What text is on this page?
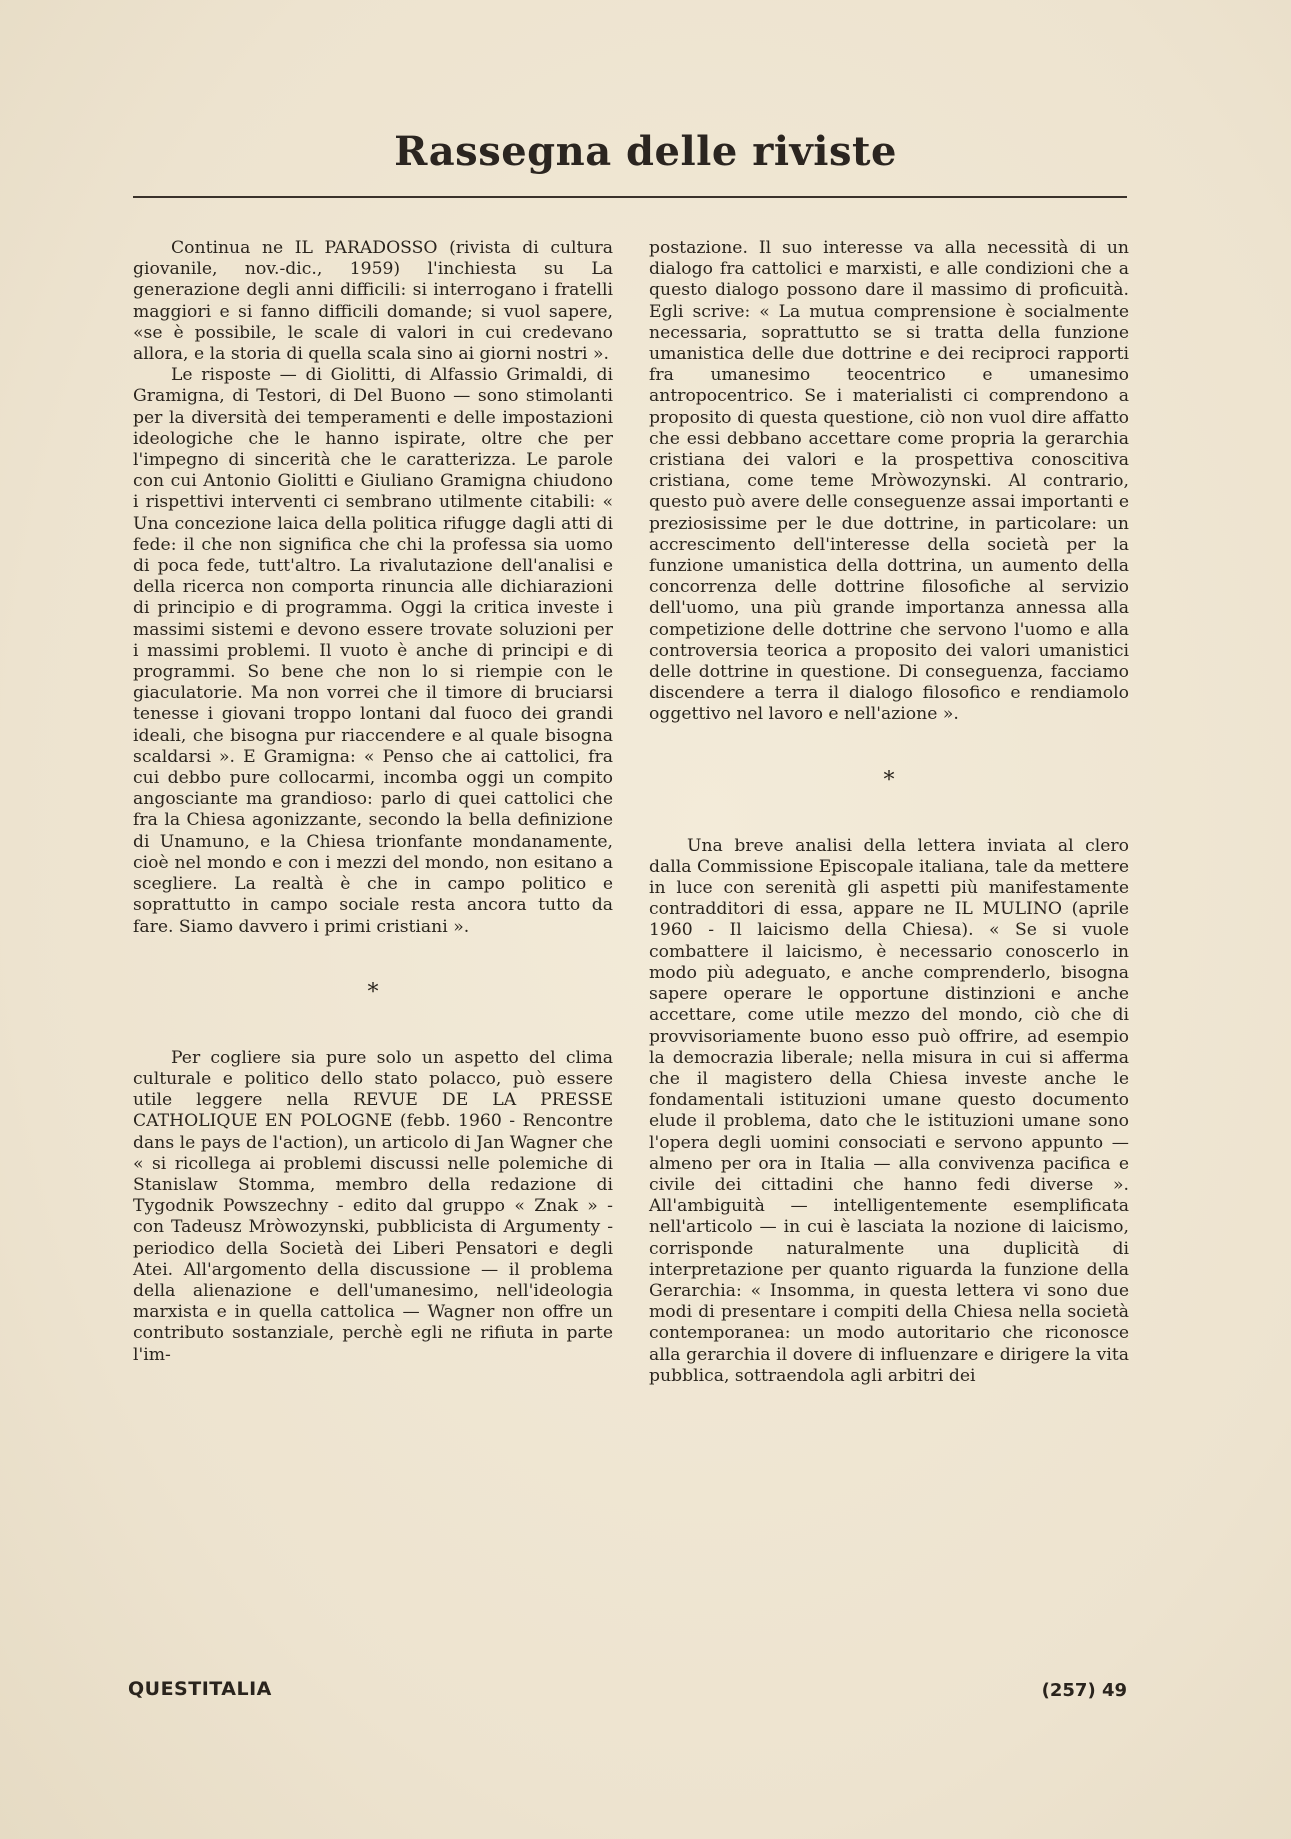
Rassegna delle riviste

Continua ne IL PARADOSSO (rivista di cultura giovanile, nov.-dic., 1959) l'inchiesta su La generazione degli anni difficili: si interrogano i fratelli maggiori e si fanno difficili domande; si vuol sapere, «se è possibile, le scale di valori in cui credevano allora, e la storia di quella scala sino ai giorni nostri ».

Le risposte — di Giolitti, di Alfassio Grimaldi, di Gramigna, di Testori, di Del Buono — sono stimolanti per la diversità dei temperamenti e delle impostazioni ideologiche che le hanno ispirate, oltre che per l'impegno di sincerità che le caratterizza. Le parole con cui Antonio Giolitti e Giuliano Gramigna chiudono i rispettivi interventi ci sembrano utilmente citabili: « Una concezione laica della politica rifugge dagli atti di fede: il che non significa che chi la professa sia uomo di poca fede, tutt'altro. La rivalutazione dell'analisi e della ricerca non comporta rinuncia alle dichiarazioni di principio e di programma. Oggi la critica investe i massimi sistemi e devono essere trovate soluzioni per i massimi problemi. Il vuoto è anche di principi e di programmi. So bene che non lo si riempie con le giaculatorie. Ma non vorrei che il timore di bruciarsi tenesse i giovani troppo lontani dal fuoco dei grandi ideali, che bisogna pur riaccendere e al quale bisogna scaldarsi ». E Gramigna: « Penso che ai cattolici, fra cui debbo pure collocarmi, incomba oggi un compito angosciante ma grandioso: parlo di quei cattolici che fra la Chiesa agonizzante, secondo la bella definizione di Unamuno, e la Chiesa trionfante mondanamente, cioè nel mondo e con i mezzi del mondo, non esitano a scegliere. La realtà è che in campo politico e soprattutto in campo sociale resta ancora tutto da fare. Siamo davvero i primi cristiani ».

*

Per cogliere sia pure solo un aspetto del clima culturale e politico dello stato polacco, può essere utile leggere nella REVUE DE LA PRESSE CATHOLIQUE EN POLOGNE (febb. 1960 - Rencontre dans le pays de l'action), un articolo di Jan Wagner che « si ricollega ai problemi discussi nelle polemiche di Stanislaw Stomma, membro della redazione di Tygodnik Powszechny - edito dal gruppo « Znak » - con Tadeusz Mròwozynski, pubblicista di Argumenty - periodico della Società dei Liberi Pensatori e degli Atei. All'argomento della discussione — il problema della alienazione e dell'umanesimo, nell'ideologia marxista e in quella cattolica — Wagner non offre un contributo sostanziale, perchè egli ne rifiuta in parte l'im-

postazione. Il suo interesse va alla necessità di un dialogo fra cattolici e marxisti, e alle condizioni che a questo dialogo possono dare il massimo di proficuità. Egli scrive: « La mutua comprensione è socialmente necessaria, soprattutto se si tratta della funzione umanistica delle due dottrine e dei reciproci rapporti fra umanesimo teocentrico e umanesimo antropocentrico. Se i materialisti ci comprendono a proposito di questa questione, ciò non vuol dire affatto che essi debbano accettare come propria la gerarchia cristiana dei valori e la prospettiva conoscitiva cristiana, come teme Mròwozynski. Al contrario, questo può avere delle conseguenze assai importanti e preziosissime per le due dottrine, in particolare: un accrescimento dell'interesse della società per la funzione umanistica della dottrina, un aumento della concorrenza delle dottrine filosofiche al servizio dell'uomo, una più grande importanza annessa alla competizione delle dottrine che servono l'uomo e alla controversia teorica a proposito dei valori umanistici delle dottrine in questione. Di conseguenza, facciamo discendere a terra il dialogo filosofico e rendiamolo oggettivo nel lavoro e nell'azione ».

*

Una breve analisi della lettera inviata al clero dalla Commissione Episcopale italiana, tale da mettere in luce con serenità gli aspetti più manifestamente contradditori di essa, appare ne IL MULINO (aprile 1960 - Il laicismo della Chiesa). « Se si vuole combattere il laicismo, è necessario conoscerlo in modo più adeguato, e anche comprenderlo, bisogna sapere operare le opportune distinzioni e anche accettare, come utile mezzo del mondo, ciò che di provvisoriamente buono esso può offrire, ad esempio la democrazia liberale; nella misura in cui si afferma che il magistero della Chiesa investe anche le fondamentali istituzioni umane questo documento elude il problema, dato che le istituzioni umane sono l'opera degli uomini consociati e servono appunto — almeno per ora in Italia — alla convivenza pacifica e civile dei cittadini che hanno fedi diverse ». All'ambiguità — intelligentemente esemplificata nell'articolo — in cui è lasciata la nozione di laicismo, corrisponde naturalmente una duplicità di interpretazione per quanto riguarda la funzione della Gerarchia: « Insomma, in questa lettera vi sono due modi di presentare i compiti della Chiesa nella società contemporanea: un modo autoritario che riconosce alla gerarchia il dovere di influenzare e dirigere la vita pubblica, sottraendola agli arbitri dei

QUESTITALIA	(257) 49
